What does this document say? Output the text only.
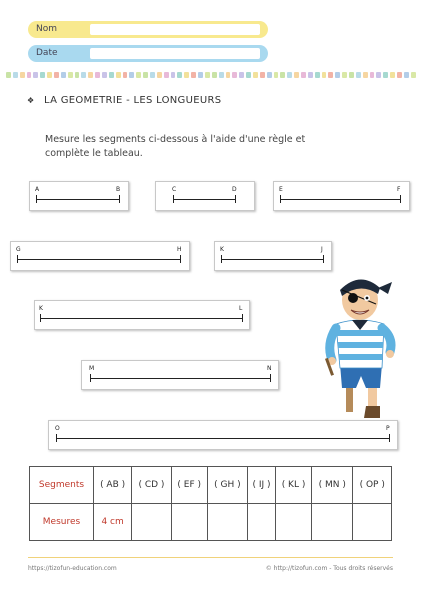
Nom
Date
❖ LA GEOMETRIE - LES LONGUEURS
Mesure les segments ci-dessous à l'aide d'une règle et complète le tableau.
A	B	C	D	E	F
G	H	K	J
K	L
M	N
O	P
Segments	( AB )	( CD )	( EF )	( GH )	( IJ )	( KL )	( MN )	( OP )
Mesures	4 cm							
https://tizofun-education.com	© http://tizofun.com - Tous droits réservés
